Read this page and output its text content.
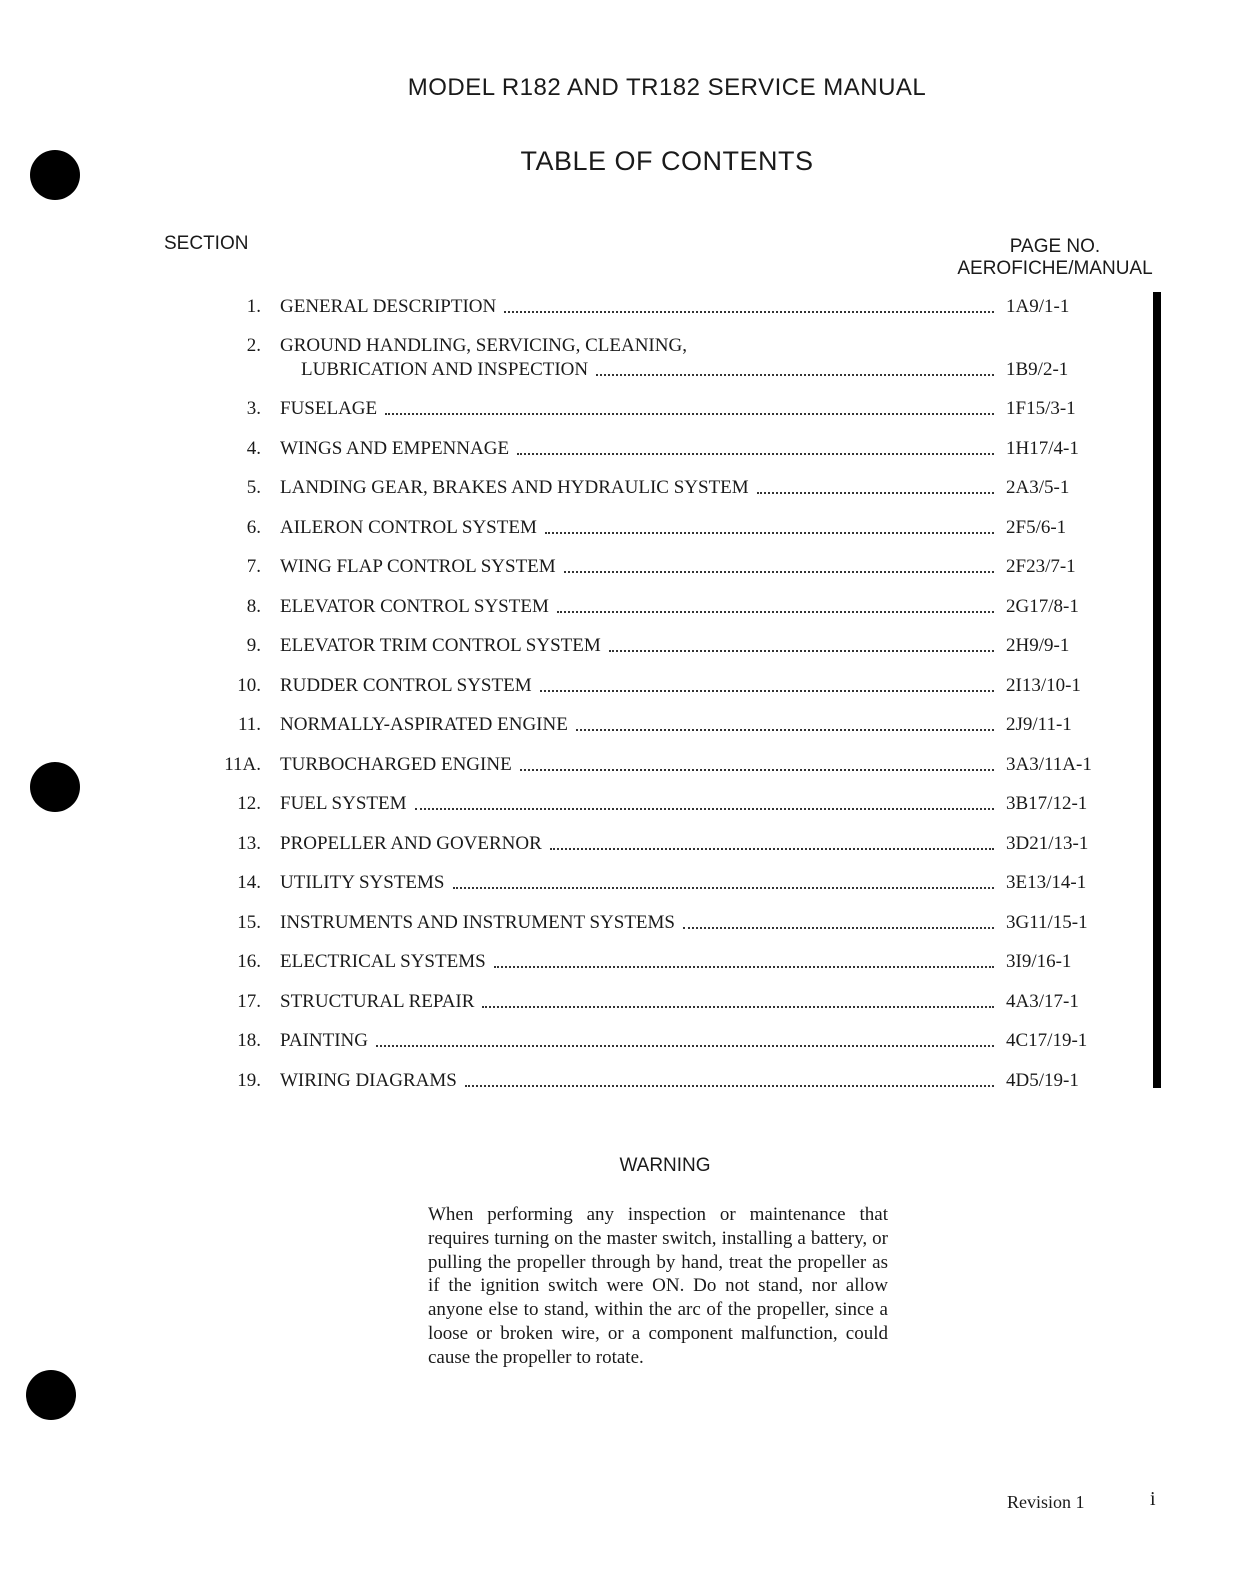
MODEL R182 AND TR182 SERVICE MANUAL
TABLE OF CONTENTS
SECTION	PAGE NO.
AEROFICHE/MANUAL
1. GENERAL DESCRIPTION	1A9/1-1
2. GROUND HANDLING, SERVICING, CLEANING,
LUBRICATION AND INSPECTION	1B9/2-1
3. FUSELAGE	1F15/3-1
4. WINGS AND EMPENNAGE	1H17/4-1
5. LANDING GEAR, BRAKES AND HYDRAULIC SYSTEM	2A3/5-1
6. AILERON CONTROL SYSTEM	2F5/6-1
7. WING FLAP CONTROL SYSTEM	2F23/7-1
8. ELEVATOR CONTROL SYSTEM	2G17/8-1
9. ELEVATOR TRIM CONTROL SYSTEM	2H9/9-1
10. RUDDER CONTROL SYSTEM	2I13/10-1
11. NORMALLY-ASPIRATED ENGINE	2J9/11-1
11A. TURBOCHARGED ENGINE	3A3/11A-1
12. FUEL SYSTEM	3B17/12-1
13. PROPELLER AND GOVERNOR	3D21/13-1
14. UTILITY SYSTEMS	3E13/14-1
15. INSTRUMENTS AND INSTRUMENT SYSTEMS	3G11/15-1
16. ELECTRICAL SYSTEMS	3I9/16-1
17. STRUCTURAL REPAIR	4A3/17-1
18. PAINTING	4C17/19-1
19. WIRING DIAGRAMS	4D5/19-1
WARNING
When performing any inspection or maintenance that requires turning on the master switch, installing a battery, or pulling the propeller through by hand, treat the propeller as if the ignition switch were ON. Do not stand, nor allow anyone else to stand, within the arc of the propeller, since a loose or broken wire, or a component malfunction, could cause the propeller to rotate.
Revision 1	i
